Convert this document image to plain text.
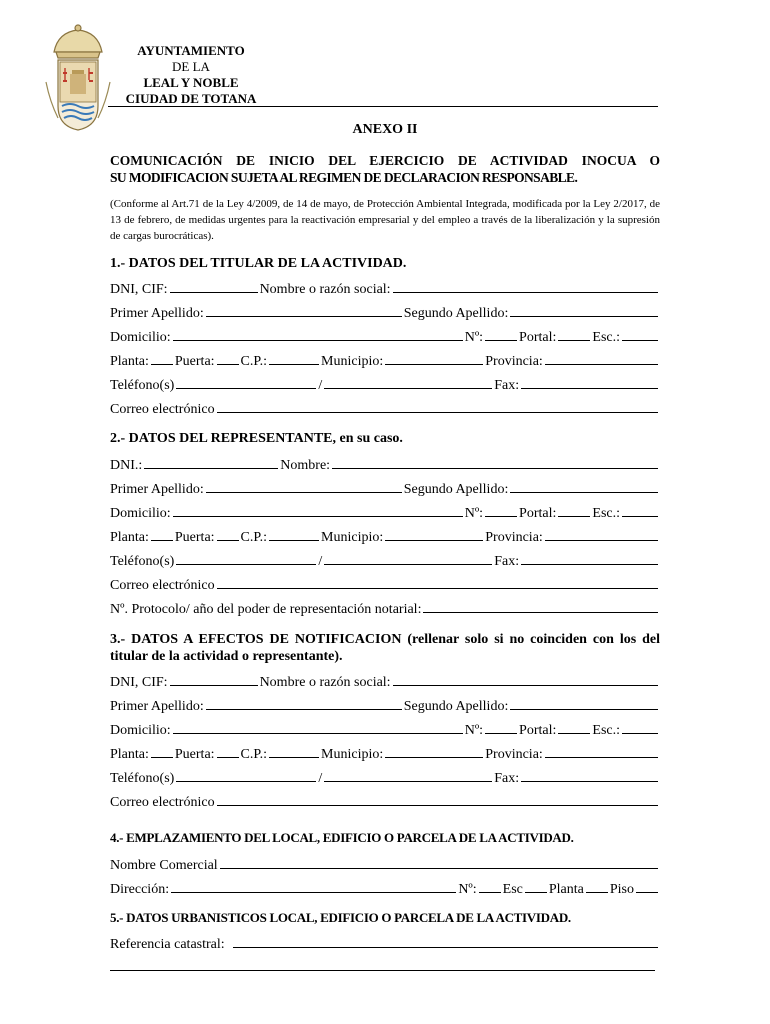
AYUNTAMIENTO
DE LA
LEAL Y NOBLE
CIUDAD DE TOTANA
ANEXO II
COMUNICACIÓN DE INICIO DEL EJERCICIO DE ACTIVIDAD INOCUA O
SU MODIFICACION SUJETA AL REGIMEN DE DECLARACION RESPONSABLE.
(Conforme al Art.71 de la Ley 4/2009, de 14 de mayo, de Protección Ambiental Integrada, modificada por la Ley 2/2017, de 13 de febrero, de medidas urgentes para la reactivación empresarial y del empleo a través de la liberalización y la supresión de cargas burocráticas).
1.- DATOS DEL TITULAR DE LA ACTIVIDAD.
DNI, CIF:	Nombre o razón social:
Primer Apellido:	Segundo Apellido:
Domicilio:	Nº:	Portal:	Esc.:
Planta: Puerta: C.P.:	Municipio:	Provincia:
Teléfono(s)	/	Fax:
Correo electrónico
2.- DATOS DEL REPRESENTANTE, en su caso.
DNI.:	Nombre:
Primer Apellido:	Segundo Apellido:
Domicilio:	Nº:	Portal:	Esc.:
Planta: Puerta: C.P.:	Municipio:	Provincia:
Teléfono(s)	/	Fax:
Correo electrónico
Nº. Protocolo/ año del poder de representación notarial:
3.- DATOS A EFECTOS DE NOTIFICACION (rellenar solo si no coinciden con los del titular de la actividad o representante).
DNI, CIF:	Nombre o razón social:
Primer Apellido:	Segundo Apellido:
Domicilio:	Nº:	Portal:	Esc.:
Planta: Puerta: C.P.:	Municipio:	Provincia:
Teléfono(s)	/	Fax:
Correo electrónico
4.- EMPLAZAMIENTO DEL LOCAL, EDIFICIO O PARCELA DE LA ACTIVIDAD.
Nombre Comercial
Dirección:	Nº: Esc Planta Piso
5.- DATOS URBANISTICOS LOCAL, EDIFICIO O PARCELA DE LA ACTIVIDAD.
Referencia catastral:
